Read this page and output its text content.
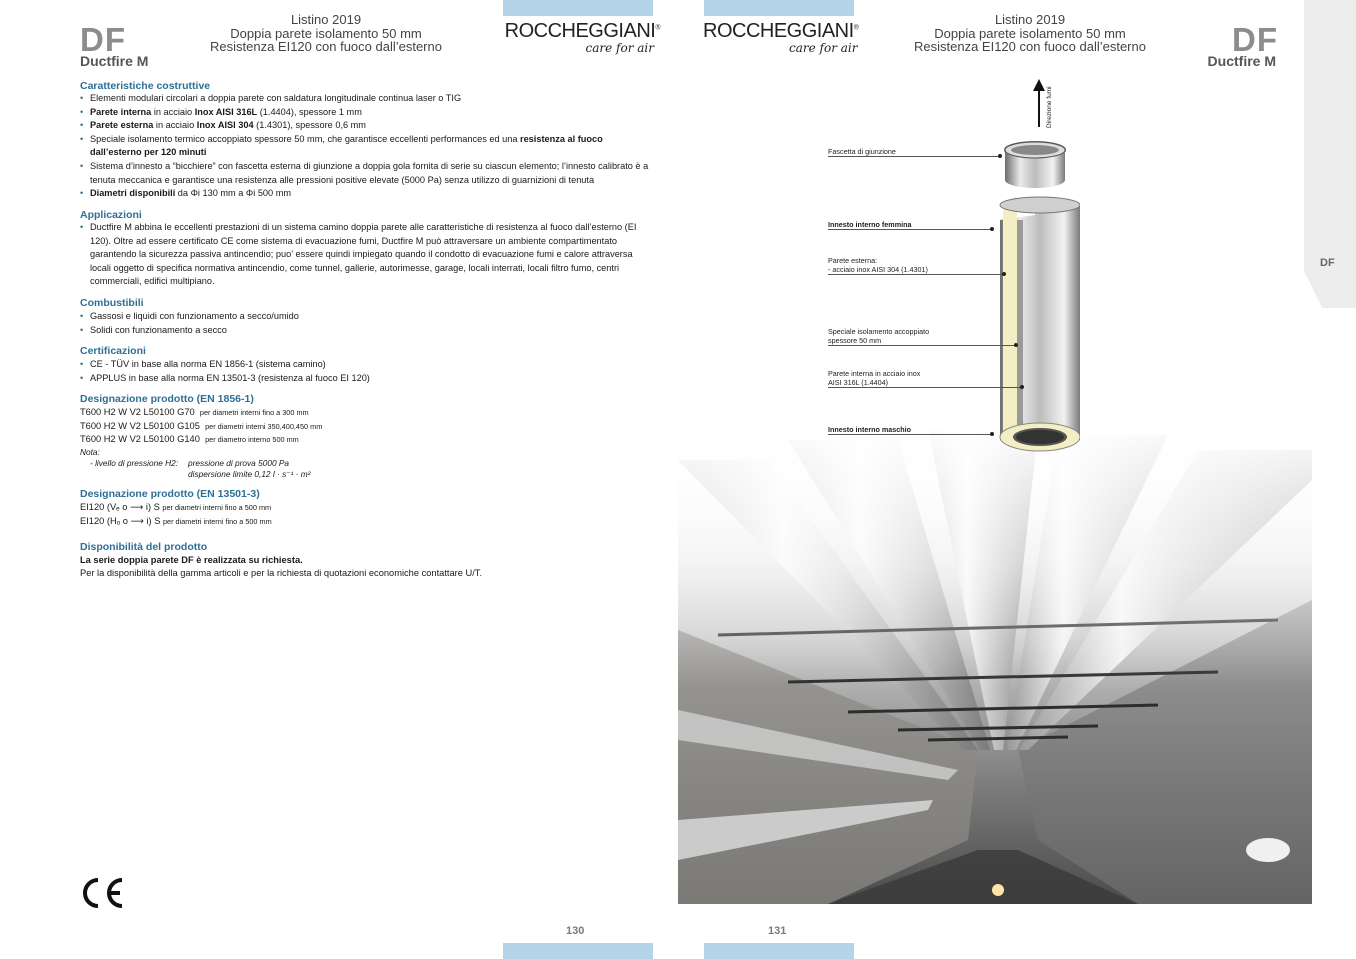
DF
Ductfire M
Listino 2019
Doppia parete isolamento 50 mm
Resistenza EI120 con fuoco dall’esterno
ROCCHEGGIANI®
care for air
Caratteristiche costruttive
• Elementi modulari circolari a doppia parete con saldatura longitudinale continua laser o TIG
• Parete interna in acciaio Inox AISI 316L (1.4404), spessore 1 mm
• Parete esterna in acciaio Inox AISI 304 (1.4301), spessore 0,6 mm
• Speciale isolamento termico accoppiato spessore 50 mm, che garantisce eccellenti performances ed una resistenza al fuoco dall’esterno per 120 minuti
• Sistema d’innesto a “bicchiere” con fascetta esterna di giunzione a doppia gola fornita di serie su ciascun elemento; l’innesto calibrato è a tenuta meccanica e garantisce una resistenza alle pressioni positive elevate (5000 Pa) senza utilizzo di guarnizioni di tenuta
• Diametri disponibili da Φi 130 mm a Φi 500 mm
Applicazioni
• Ductfire M abbina le eccellenti prestazioni di un sistema camino doppia parete alle caratteristiche di resistenza al fuoco dall’esterno (EI 120). Oltre ad essere certificato CE come sistema di evacuazione fumi, Ductfire M può attraversare un ambiente compartimentato garantendo la sicurezza passiva antincendio; puo’ essere quindi impiegato quando il condotto di evacuazione fumi e calore attraversa locali oggetto di specifica normativa antincendio, come tunnel, gallerie, autorimesse, garage, locali interrati, locali filtro fumo, centri commerciali, edifici multipiano.
Combustibili
• Gassosi e liquidi con funzionamento a secco/umido
• Solidi con funzionamento a secco
Certificazioni
• CE - TÜV in base alla norma EN 1856-1 (sistema camino)
• APPLUS in base alla norma EN 13501-3 (resistenza al fuoco EI 120)
Designazione prodotto (EN 1856-1)
T600 H2 W V2 L50100 G70 per diametri interni fino a 300 mm
T600 H2 W V2 L50100 G105 per diametri interni 350,400,450 mm
T600 H2 W V2 L50100 G140 per diametro interno 500 mm
Nota:
- livello di pressione H2: pressione di prova 5000 Pa
dispersione limite 0,12 l · s⁻¹ · m²
Designazione prodotto (EN 13501-3)
EI120 (Vₑ o ⟶ i) S per diametri interni fino a 500 mm
EI120 (Hₒ o ⟶ i) S per diametri interni fino a 500 mm
Disponibilità del prodotto
La serie doppia parete DF è realizzata su richiesta.
Per la disponibilità della gamma articoli e per la richiesta di quotazioni economiche contattare U/T.
130
ROCCHEGGIANI®
care for air
Listino 2019
Doppia parete isolamento 50 mm
Resistenza EI120 con fuoco dall’esterno	DF
Ductfire M
DF
Direzione fumi
Fascetta di giunzione
Innesto interno femmina
Parete esterna:
- acciaio inox AISI 304 (1.4301)
Speciale isolamento accoppiato
spessore 50 mm
Parete interna in acciaio inox
AISI 316L (1.4404)
Innesto interno maschio
131
